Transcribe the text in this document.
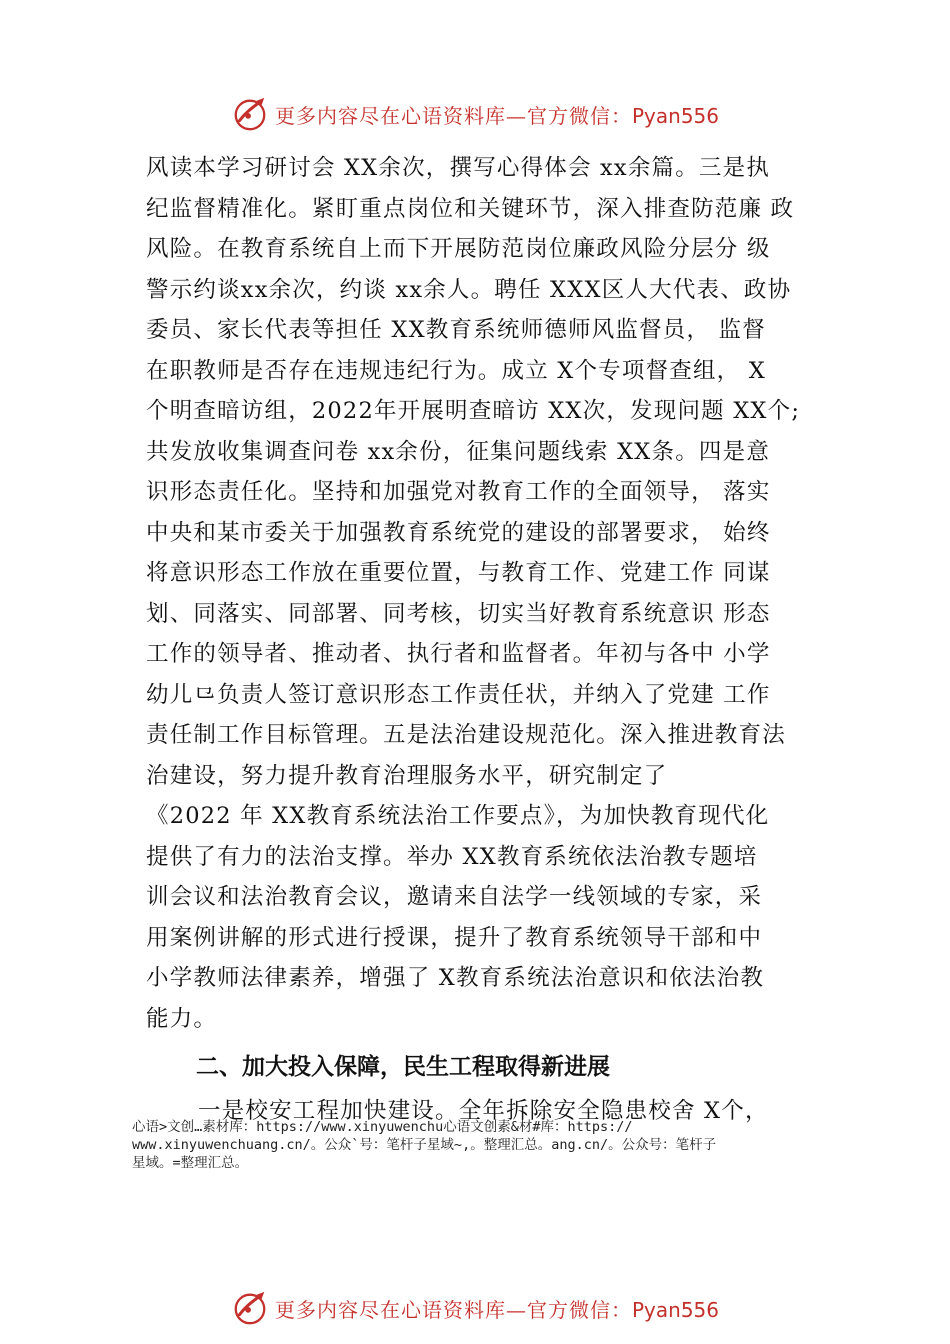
更多内容尽在心语资料库—官方微信：Pyan556
风读本学习研讨会 XX余次，撰写心得体会 xx余篇。三是执
纪监督精准化。紧盯重点岗位和关键环节，深入排查防范廉 政
风险。在教育系统自上而下开展防范岗位廉政风险分层分 级
警示约谈xx余次，约谈 xx余人。聘任 XXX区人大代表、政协
委员、家长代表等担任 XX教育系统师德师风监督员， 监督
在职教师是否存在违规违纪行为。成立 X个专项督查组， X
个明查暗访组，2022年开展明查暗访 XX次，发现问题 XX个;
共发放收集调查问卷 xx余份，征集问题线索 XX条。四是意
识形态责任化。坚持和加强党对教育工作的全面领导， 落实
中央和某市委关于加强教育系统党的建设的部署要求， 始终
将意识形态工作放在重要位置，与教育工作、党建工作 同谋
划、同落实、同部署、同考核，切实当好教育系统意识 形态
工作的领导者、推动者、执行者和监督者。年初与各中 小学
幼儿⺋负责人签订意识形态工作责任状，并纳入了党建 工作
责任制工作目标管理。五是法治建设规范化。深入推进教育法
治建设，努力提升教育治理服务水平，研究制定了
《2022 年 XX教育系统法治工作要点》，为加快教育现代化
提供了有力的法治支撑。举办 XX教育系统依法治教专题培
训会议和法治教育会议，邀请来自法学一线领域的专家，采
用案例讲解的形式进行授课，提升了教育系统领导干部和中
小学教师法律素养，增强了 X教育系统法治意识和依法治教
能力。
二、加大投入保障，民生工程取得新进展
一是校安工程加快建设。全年拆除安全隐患校舍 X个，
心语>文创…素材库：https://www.xinyuwenchu心语文创素&材#库：https://
www.xinyuwenchuang.cn/。公众`号：笔杆子星域~,。整理汇总。ang.cn/。公众号：笔杆子
星域。=整理汇总。
更多内容尽在心语资料库—官方微信：Pyan556
